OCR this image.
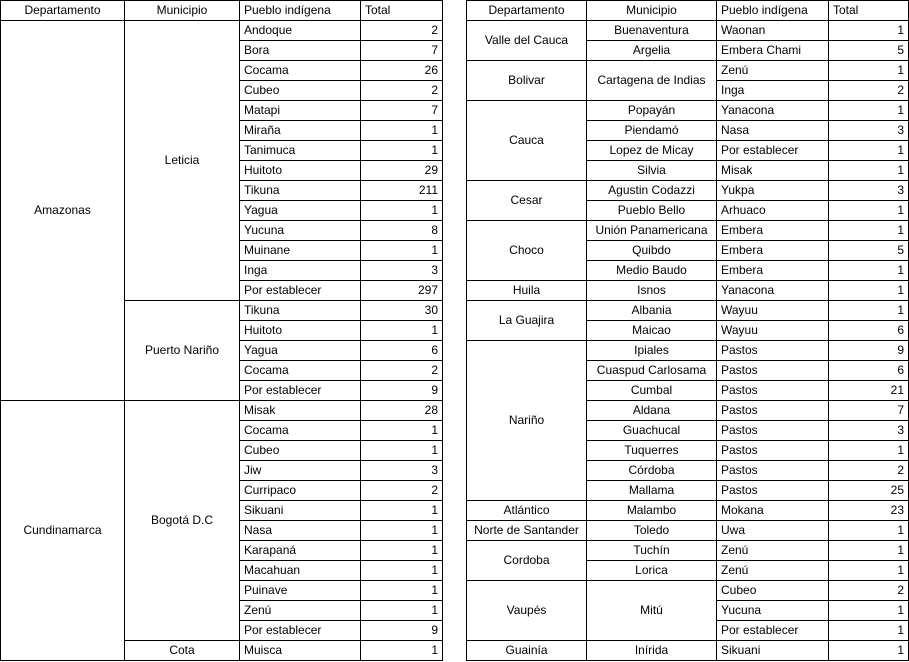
Departamento	Municipio	Pueblo indígena	Total
Amazonas	Leticia	Andoque	2
		Bora	7
		Cocama	26
		Cubeo	2
		Matapi	7
		Miraña	1
		Tanimuca	1
		Huitoto	29
		Tikuna	211
		Yagua	1
		Yucuna	8
		Muinane	1
		Inga	3
		Por establecer	297
	Puerto Nariño	Tikuna	30
		Huitoto	1
		Yagua	6
		Cocama	2
		Por establecer	9
Cundinamarca	Bogotá D.C	Misak	28
		Cocama	1
		Cubeo	1
		Jiw	3
		Curripaco	2
		Sikuani	1
		Nasa	1
		Karapaná	1
		Macahuan	1
		Puinave	1
		Zenú	1
		Por establecer	9
	Cota	Muisca	1
Departamento	Municipio	Pueblo indígena	Total
Valle del Cauca	Buenaventura	Waonan	1
	Argelia	Embera Chami	5
Bolivar	Cartagena de Indias	Zenú	1
		Inga	2
Cauca	Popayán	Yanacona	1
	Piendamó	Nasa	3
	Lopez de Micay	Por establecer	1
	Silvia	Misak	1
Cesar	Agustin Codazzi	Yukpa	3
	Pueblo Bello	Arhuaco	1
Choco	Unión Panamericana	Embera	1
	Quibdo	Embera	5
	Medio Baudo	Embera	1
Huila	Isnos	Yanacona	1
La Guajira	Albania	Wayuu	1
	Maicao	Wayuu	6
Nariño	Ipiales	Pastos	9
	Cuaspud Carlosama	Pastos	6
	Cumbal	Pastos	21
	Aldana	Pastos	7
	Guachucal	Pastos	3
	Tuquerres	Pastos	1
	Córdoba	Pastos	2
	Mallama	Pastos	25
Atlántico	Malambo	Mokana	23
Norte de Santander	Toledo	Uwa	1
Cordoba	Tuchín	Zenú	1
	Lorica	Zenú	1
Vaupés	Mitú	Cubeo	2
		Yucuna	1
		Por establecer	1
Guainía	Inírida	Sikuani	1
